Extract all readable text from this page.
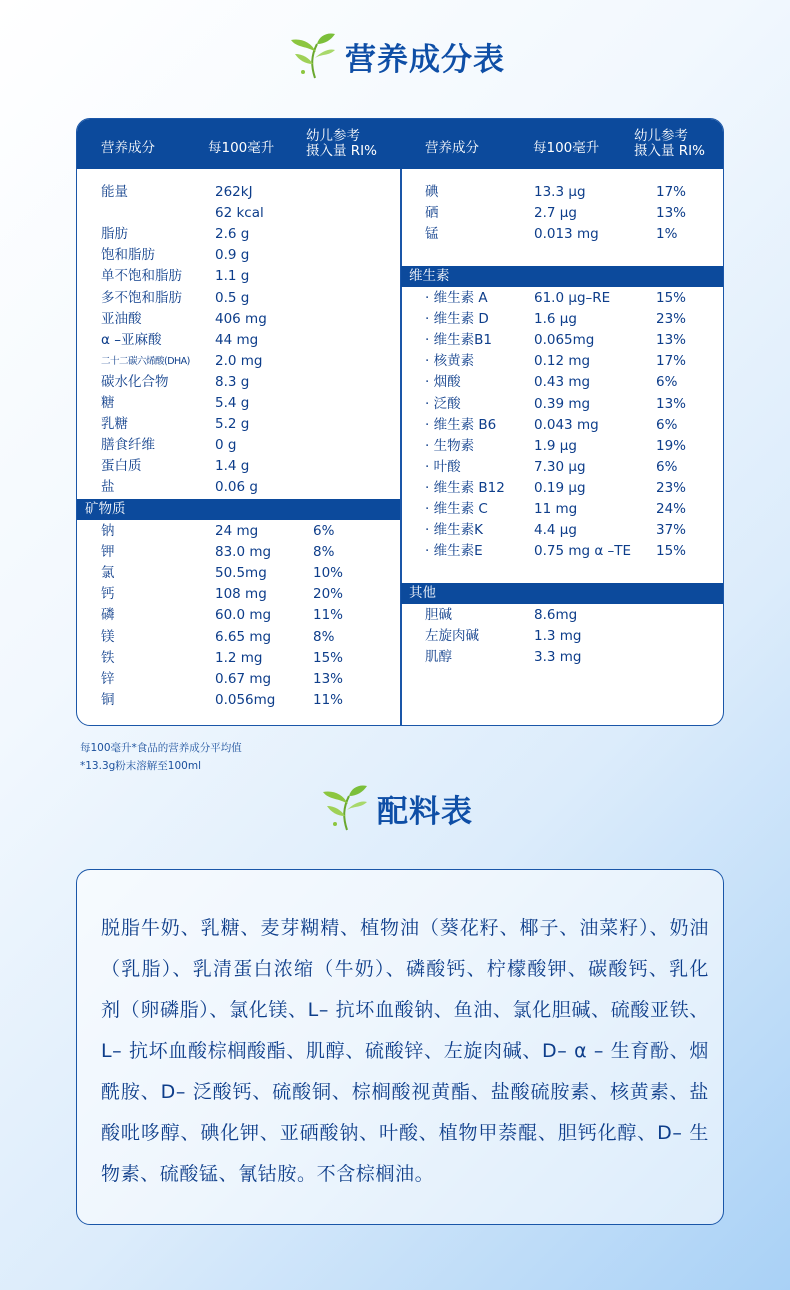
营养成分表
营养成分	每100毫升
幼儿参考
摄入量 RI%	营养成分	每100毫升
幼儿参考
摄入量 RI%
能量	262kJ
62 kcal
脂肪	2.6 g
饱和脂肪	0.9 g
单不饱和脂肪 1.1 g
多不饱和脂肪 0.5 g
亚油酸	406 mg
α –亚麻酸	44 mg
二十二碳六烯酸(DHA) 2.0 mg
碳水化合物	8.3 g
糖	5.4 g
乳糖	5.2 g
膳食纤维	0 g
蛋白质	1.4 g
盐	0.06 g
矿物质
钠	24 mg	6%
钾	83.0 mg	8%
氯	50.5mg	10%
钙	108 mg	20%
磷	60.0 mg	11%
镁	6.65 mg	8%
铁	1.2 mg	15%
锌	0.67 mg	13%
铜	0.056mg	11%
碘	13.3 μg	17%
硒	2.7 μg	13%
锰	0.013 mg	1%
维生素
· 维生素 A	61.0 μg–RE	15%
· 维生素 D	1.6 μg	23%
· 维生素B1	0.065mg	13%
· 核黄素	0.12 mg	17%
· 烟酸	0.43 mg	6%
· 泛酸	0.39 mg	13%
· 维生素 B6	0.043 mg	6%
· 生物素	1.9 μg	19%
· 叶酸	7.30 μg	6%
· 维生素 B12 0.19 μg	23%
· 维生素 C	11 mg	24%
· 维生素K	4.4 μg	37%
· 维生素E	0.75 mg α –TE 15%
其他
胆碱	8.6mg
左旋肉碱	1.3 mg
肌醇	3.3 mg
每100毫升*食品的营养成分平均值
*13.3g粉末溶解至100ml
配料表

脱脂牛奶、乳糖、麦芽糊精、植物油（葵花籽、椰子、油菜籽）、奶油（乳脂）、乳清蛋白浓缩（牛奶）、磷酸钙、柠檬酸钾、碳酸钙、乳化剂（卵磷脂）、氯化镁、L– 抗坏血酸钠、鱼油、氯化胆碱、硫酸亚铁、L– 抗坏血酸棕榈酸酯、肌醇、硫酸锌、左旋肉碱、D– α – 生育酚、烟酰胺、D– 泛酸钙、硫酸铜、棕榈酸视黄酯、盐酸硫胺素、核黄素、盐酸吡哆醇、碘化钾、亚硒酸钠、叶酸、植物甲萘醌、胆钙化醇、D– 生物素、硫酸锰、氰钴胺。不含棕榈油。
